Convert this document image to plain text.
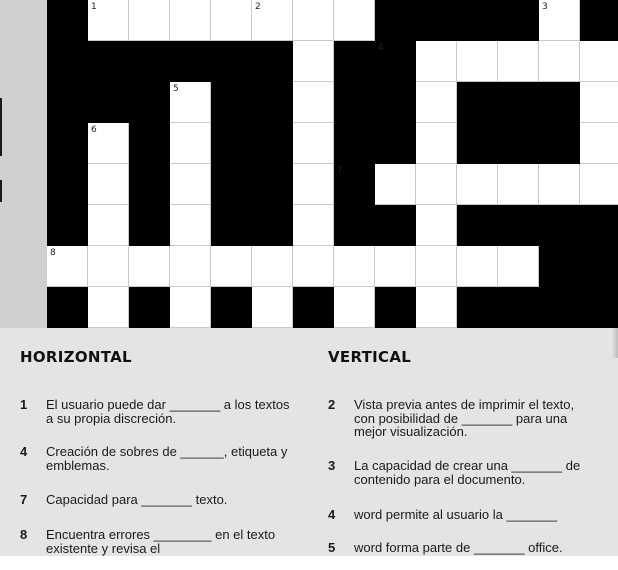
1	2	3
4
5
6
7
8
HORIZONTAL
1	El usuario puede dar _______ a los textos a su propia discreción.
4	Creación de sobres de ______, etiqueta y emblemas.
7	Capacidad para _______ texto.
8	Encuentra errores ________ en el texto existente y revisa el
VERTICAL
2	Vista previa antes de imprimir el texto, con posibilidad de _______ para una mejor visualización.
3	La capacidad de crear una _______ de contenido para el documento.
4	word permite al usuario la _______
5	word forma parte de _______ office.
